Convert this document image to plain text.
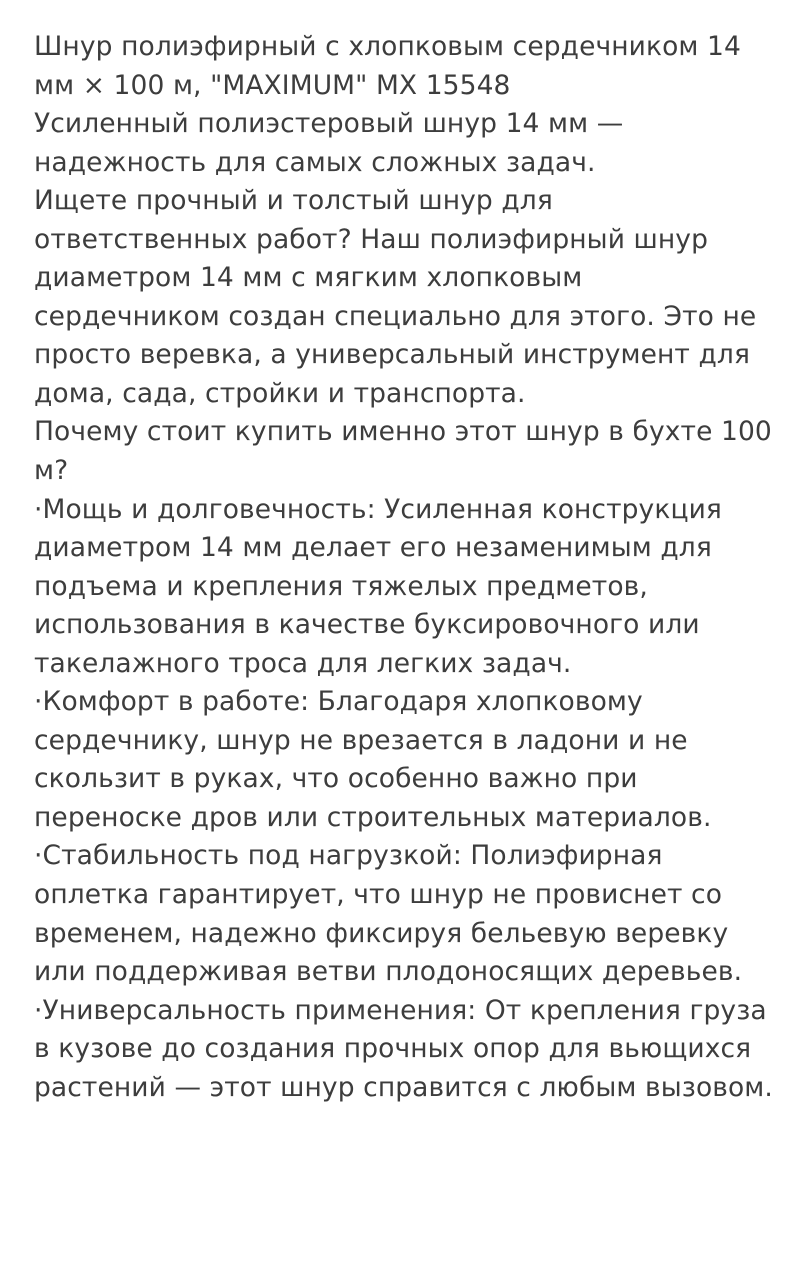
Шнур полиэфирный с хлопковым сердечником 14 мм × 100 м, "MAXIMUM" MX 15548

Усиленный полиэстеровый шнур 14 мм — надежность для самых сложных задач.

Ищете прочный и толстый шнур для ответственных работ? Наш полиэфирный шнур диаметром 14 мм с мягким хлопковым сердечником создан специально для этого. Это не просто веревка, а универсальный инструмент для дома, сада, стройки и транспорта.

Почему стоит купить именно этот шнур в бухте 100 м?

·Мощь и долговечность: Усиленная конструкция диаметром 14 мм делает его незаменимым для подъема и крепления тяжелых предметов, использования в качестве буксировочного или такелажного троса для легких задач.

·Комфорт в работе: Благодаря хлопковому сердечнику, шнур не врезается в ладони и не скользит в руках, что особенно важно при переноске дров или строительных материалов.

·Стабильность под нагрузкой: Полиэфирная оплетка гарантирует, что шнур не провиснет со временем, надежно фиксируя бельевую веревку или поддерживая ветви плодоносящих деревьев.

·Универсальность применения: От крепления груза в кузове до создания прочных опор для вьющихся растений — этот шнур справится с любым вызовом.
